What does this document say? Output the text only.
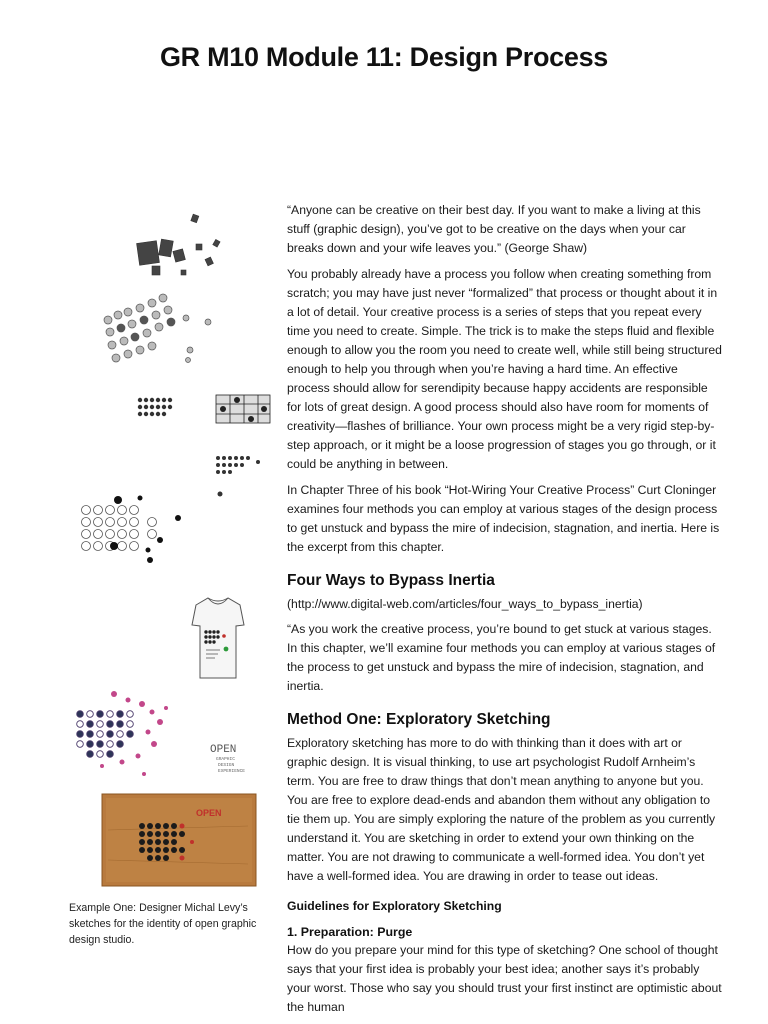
GR M10 Module 11: Design Process
OPEN
GRAPHIC
DESIGN
EXPERIENCE
OPEN
Example One: Designer Michal Levy’s sketches for the identity of open graphic design studio.

“Anyone can be creative on their best day. If you want to make a living at this stuff (graphic design), you’ve got to be creative on the days when your car breaks down and your wife leaves you.” (George Shaw)

You probably already have a process you follow when creating something from scratch; you may have just never “formalized” that process or thought about it in a lot of detail. Your creative process is a series of steps that you repeat every time you need to create. Simple. The trick is to make the steps fluid and flexible enough to allow you the room you need to create well, while still being structured enough to help you through when you’re having a hard time. An effective process should allow for serendipity because happy accidents are responsible for lots of great design. A good process should also have room for moments of creativity—flashes of brilliance. Your own process might be a very rigid step-by-step approach, or it might be a loose progression of stages you go through, or it could be anything in between.

In Chapter Three of his book “Hot-Wiring Your Creative Process” Curt Cloninger examines four methods you can employ at various stages of the design process to get unstuck and bypass the mire of indecision, stagnation, and inertia. Here is the excerpt from this chapter.

Four Ways to Bypass Inertia

(http://www.digital-web.com/articles/four_ways_to_bypass_inertia)

“As you work the creative process, you’re bound to get stuck at various stages. In this chapter, we’ll examine four methods you can employ at various stages of the process to get unstuck and bypass the mire of indecision, stagnation, and inertia.

Method One: Exploratory Sketching

Exploratory sketching has more to do with thinking than it does with art or graphic design. It is visual thinking, to use art psychologist Rudolf Arnheim’s term. You are free to draw things that don’t mean anything to anyone but you. You are free to explore dead-ends and abandon them without any obligation to tie them up. You are simply exploring the nature of the problem as you currently understand it. You are sketching in order to extend your own thinking on the matter. You are not drawing to communicate a well-formed idea. You don’t yet have a well-formed idea. You are drawing in order to tease out ideas.

Guidelines for Exploratory Sketching
1. Preparation: Purge

How do you prepare your mind for this type of sketching? One school of thought says that your first idea is probably your best idea; another says it’s probably your worst. Those who say you should trust your first instinct are optimistic about the human
